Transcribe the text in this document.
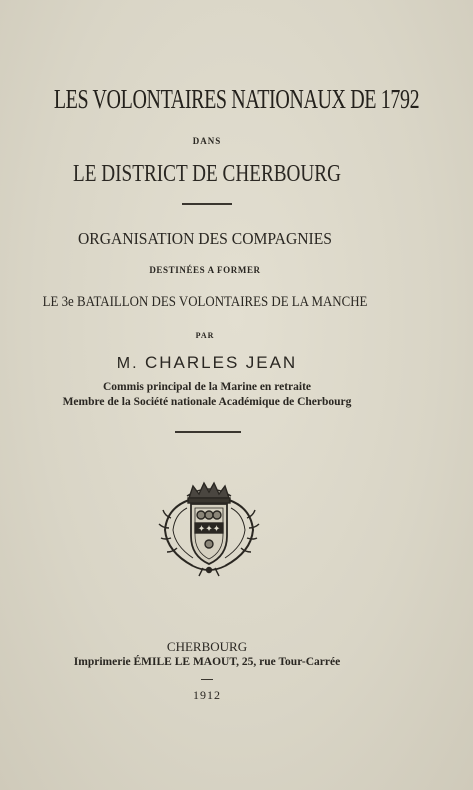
LES VOLONTAIRES NATIONAUX DE 1792
DANS
LE DISTRICT DE CHERBOURG
ORGANISATION DES COMPAGNIES
DESTINÉES A FORMER
LE 3e BATAILLON DES VOLONTAIRES DE LA MANCHE
PAR
M. CHARLES JEAN
Commis principal de la Marine en retraite
Membre de la Société nationale Académique de Cherbourg
✦✦✦
CHERBOURG
Imprimerie ÉMILE LE MAOUT, 25, rue Tour-Carrée
1912
